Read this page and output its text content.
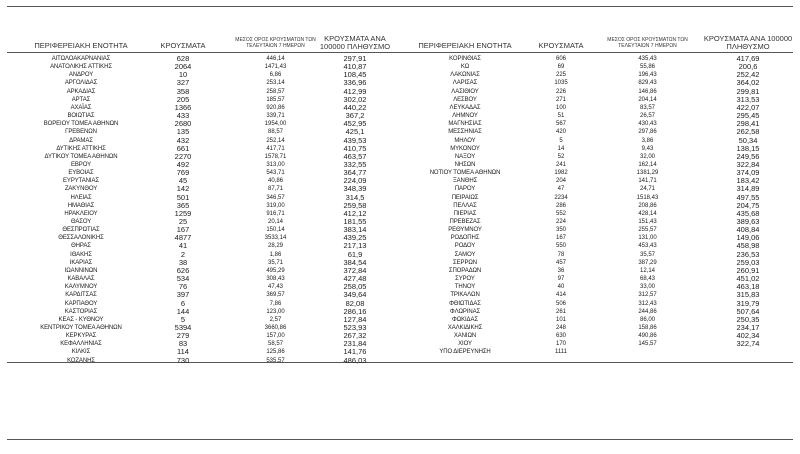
ΠΕΡΙΦΕΡΕΙΑΚΗ ΕΝΟΤΗΤΑ	ΚΡΟΥΣΜΑΤΑ
ΜΕΣΟΣ ΟΡΟΣ ΚΡΟΥΣΜΑΤΩΝ ΤΩΝ ΤΕΛΕΥΤΑΙΩΝ 7 ΗΜΕΡΩΝ
ΚΡΟΥΣΜΑΤΑ ΑΝΑ 100000 ΠΛΗΘΥΣΜΟ	ΠΕΡΙΦΕΡΕΙΑΚΗ ΕΝΟΤΗΤΑ	ΚΡΟΥΣΜΑΤΑ
ΜΕΣΟΣ ΟΡΟΣ ΚΡΟΥΣΜΑΤΩΝ ΤΩΝ ΤΕΛΕΥΤΑΙΩΝ 7 ΗΜΕΡΩΝ
ΚΡΟΥΣΜΑΤΑ ΑΝΑ 100000 ΠΛΗΘΥΣΜΟ
ΑΙΤΩΛΟΑΚΑΡΝΑΝΙΑΣ	628	446,14	297,91
ΑΝΑΤΟΛΙΚΗΣ ΑΤΤΙΚΗΣ	2064	1471,43	410,87
ΑΝΔΡΟΥ	10	6,86	108,45
ΑΡΓΟΛΙΔΑΣ	327	253,14	336,96
ΑΡΚΑΔΙΑΣ	358	258,57	412,99
ΑΡΤΑΣ	205	185,57	302,02
ΑΧΑΪΑΣ	1366	920,86	440,22
ΒΟΙΩΤΙΑΣ	433	339,71	367,2
ΒΟΡΕΙΟΥ ΤΟΜΕΑ ΑΘΗΝΩΝ	2680	1954,00	452,95
ΓΡΕΒΕΝΩΝ	135	88,57	425,1
ΔΡΑΜΑΣ	432	252,14	439,53
ΔΥΤΙΚΗΣ ΑΤΤΙΚΗΣ	661	417,71	410,75
ΔΥΤΙΚΟΥ ΤΟΜΕΑ ΑΘΗΝΩΝ	2270	1578,71	463,57
ΕΒΡΟΥ	492	313,00	332,55
ΕΥΒΟΙΑΣ	769	543,71	364,77
ΕΥΡΥΤΑΝΙΑΣ	45	40,86	224,09
ΖΑΚΥΝΘΟΥ	142	87,71	348,39
ΗΛΕΙΑΣ	501	346,57	314,5
ΗΜΑΘΙΑΣ	365	319,00	259,58
ΗΡΑΚΛΕΙΟΥ	1259	916,71	412,12
ΘΑΣΟΥ	25	20,14	181,55
ΘΕΣΠΡΩΤΙΑΣ	167	150,14	383,14
ΘΕΣΣΑΛΟΝΙΚΗΣ	4877	3533,14	439,25
ΘΗΡΑΣ	41	28,29	217,13
ΙΘΑΚΗΣ	2	1,86	61,9
ΙΚΑΡΙΑΣ	38	35,71	384,54
ΙΩΑΝΝΙΝΩΝ	626	495,29	372,84
ΚΑΒΑΛΑΣ	534	308,43	427,48
ΚΑΛΥΜΝΟΥ	76	47,43	258,05
ΚΑΡΔΙΤΣΑΣ	397	369,57	349,64
ΚΑΡΠΑΘΟΥ	6	7,86	82,08
ΚΑΣΤΟΡΙΑΣ	144	123,00	286,16
ΚΕΑΣ - ΚΥΘΝΟΥ	5	2,57	127,84
ΚΕΝΤΡΙΚΟΥ ΤΟΜΕΑ ΑΘΗΝΩΝ	5394	3660,86	523,93
ΚΕΡΚΥΡΑΣ	279	157,00	267,32
ΚΕΦΑΛΛΗΝΙΑΣ	83	58,57	231,84
ΚΙΛΚΙΣ	114	125,86	141,76
ΚΟΖΑΝΗΣ	730	535,57	486,03
ΚΟΡΙΝΘΙΑΣ	606	435,43	417,69
ΚΩ	69	55,86	200,6
ΛΑΚΩΝΙΑΣ	225	196,43	252,42
ΛΑΡΙΣΑΣ	1035	829,43	364,02
ΛΑΣΙΘΙΟΥ	226	146,86	299,81
ΛΕΣΒΟΥ	271	204,14	313,53
ΛΕΥΚΑΔΑΣ	100	83,57	422,07
ΛΗΜΝΟΥ	51	26,57	295,45
ΜΑΓΝΗΣΙΑΣ	567	430,43	298,41
ΜΕΣΣΗΝΙΑΣ	420	297,86	262,58
ΜΗΛΟΥ	5	3,86	50,34
ΜΥΚΟΝΟΥ	14	9,43	138,15
ΝΑΞΟΥ	52	32,00	249,56
ΝΗΣΩΝ	241	162,14	322,84
ΝΟΤΙΟΥ ΤΟΜΕΑ ΑΘΗΝΩΝ	1982	1381,29	374,09
ΞΑΝΘΗΣ	204	141,71	183,42
ΠΑΡΟΥ	47	24,71	314,89
ΠΕΙΡΑΙΩΣ	2234	1518,43	497,55
ΠΕΛΛΑΣ	286	208,86	204,75
ΠΙΕΡΙΑΣ	552	428,14	435,68
ΠΡΕΒΕΖΑΣ	224	151,43	389,63
ΡΕΘΥΜΝΟΥ	350	255,57	408,84
ΡΟΔΟΠΗΣ	167	131,00	149,06
ΡΟΔΟΥ	550	453,43	458,98
ΣΑΜΟΥ	78	35,57	236,53
ΣΕΡΡΩΝ	457	387,29	259,03
ΣΠΟΡΑΔΩΝ	36	12,14	260,91
ΣΥΡΟΥ	97	68,43	451,02
ΤΗΝΟΥ	40	33,00	463,18
ΤΡΙΚΑΛΩΝ	414	312,57	315,83
ΦΘΙΩΤΙΔΑΣ	506	312,43	319,79
ΦΛΩΡΙΝΑΣ	261	244,86	507,64
ΦΩΚΙΔΑΣ	101	86,00	250,35
ΧΑΛΚΙΔΙΚΗΣ	248	158,86	234,17
ΧΑΝΙΩΝ	630	490,86	402,34
ΧΙΟΥ	170	145,57	322,74
ΥΠΟ ΔΙΕΡΕΥΝΗΣΗ	1111
